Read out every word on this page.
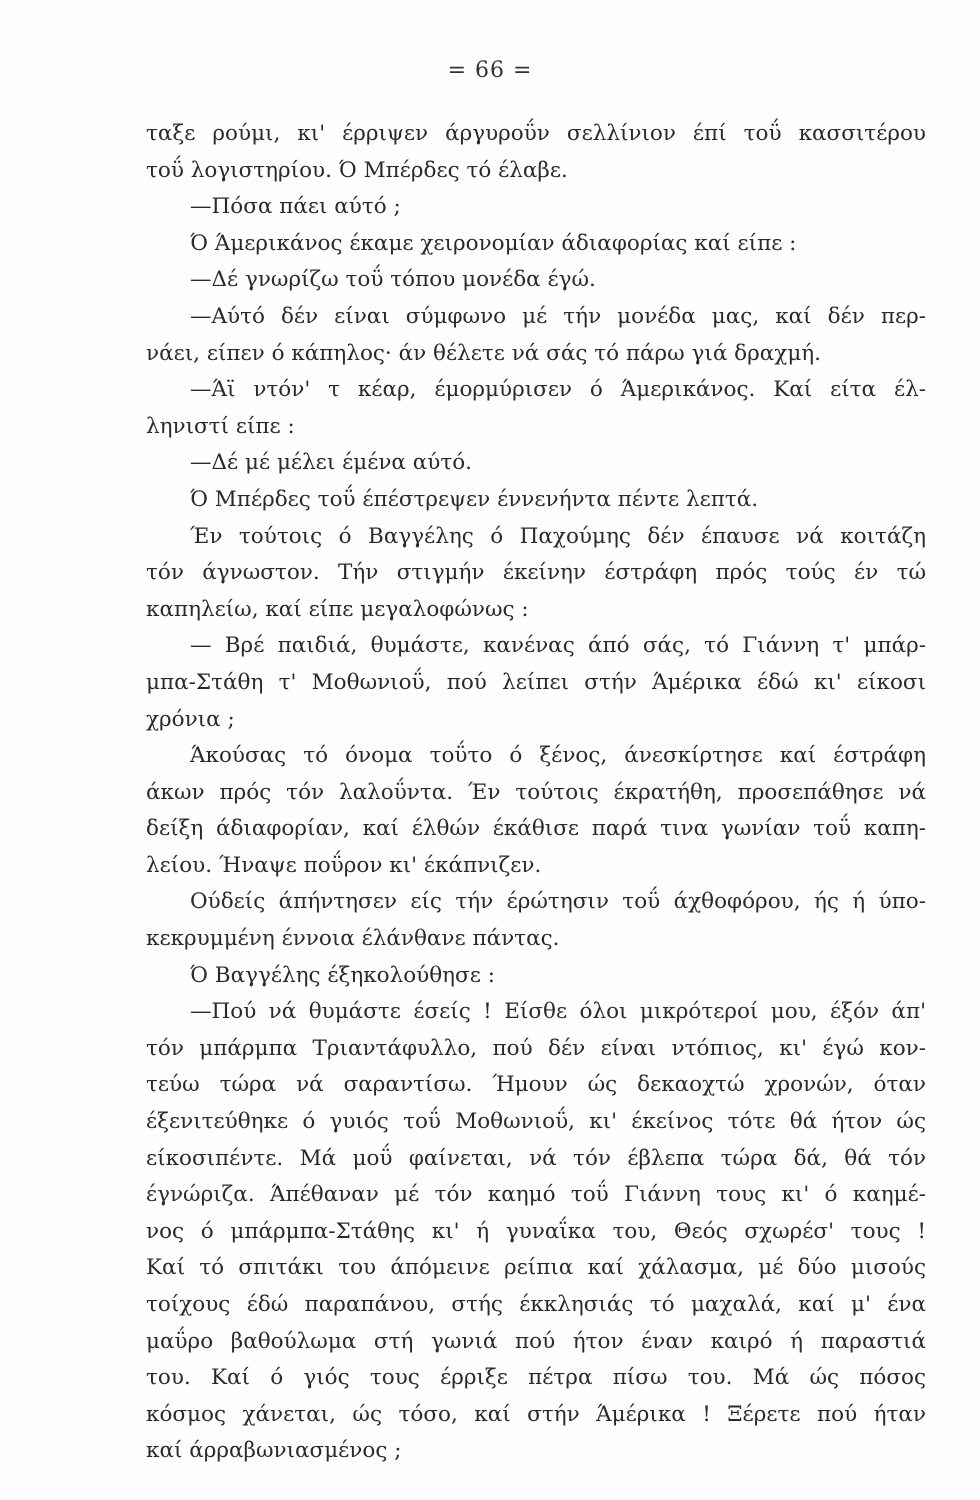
= 66 =
ταξε ρούμι, κι' έρριψεν άργυροΰν σελλίνιον έπί τοΰ κασσιτέρου
τοΰ λογιστηρίου. Ό Μπέρδες τό έλαβε.
—Πόσα πάει αύτό ;
Ό Άμερικάνος έκαμε χειρονομίαν άδιαφορίας καί είπε :
—Δέ γνωρίζω τοΰ τόπου μονέδα έγώ.
—Αύτό δέν είναι σύμφωνο μέ τήν μονέδα μας, καί δέν περ-
νάει, είπεν ό κάπηλος· άν θέλετε νά σάς τό πάρω γιά δραχμή.
—Άϊ ντόν' τ κέαρ, έμορμύρισεν ό Άμερικάνος. Καί είτα έλ-
ληνιστί είπε :
—Δέ μέ μέλει έμένα αύτό.
Ό Μπέρδες τοΰ έπέστρεψεν έννενήντα πέντε λεπτά.
Έν τούτοις ό Βαγγέλης ό Παχούμης δέν έπαυσε νά κοιτάζη
τόν άγνωστον. Τήν στιγμήν έκείνην έστράφη πρός τούς έν τώ
καπηλείω, καί είπε μεγαλοφώνως :
— Βρέ παιδιά, θυμάστε, κανένας άπό σάς, τό Γιάννη τ' μπάρ-
μπα-Στάθη τ' Μοθωνιοΰ, πού λείπει στήν Άμέρικα έδώ κι' είκοσι
χρόνια ;
Άκούσας τό όνομα τοΰτο ό ξένος, άνεσκίρτησε καί έστράφη
άκων πρός τόν λαλοΰντα. Έν τούτοις έκρατήθη, προσεπάθησε νά
δείξη άδιαφορίαν, καί έλθών έκάθισε παρά τινα γωνίαν τοΰ καπη-
λείου. Ήναψε ποΰρον κι' έκάπνιζεν.
Ούδείς άπήντησεν είς τήν έρώτησιν τοΰ άχθοφόρου, ής ή ύπο-
κεκρυμμένη έννοια έλάνθανε πάντας.
Ό Βαγγέλης έξηκολούθησε :
—Πού νά θυμάστε έσείς ! Είσθε όλοι μικρότεροί μου, έξόν άπ'
τόν μπάρμπα Τριαντάφυλλο, πού δέν είναι ντόπιος, κι' έγώ κον-
τεύω τώρα νά σαραντίσω. Ήμουν ώς δεκαοχτώ χρονών, όταν
έξενιτεύθηκε ό γυιός τοΰ Μοθωνιοΰ, κι' έκείνος τότε θά ήτον ώς
είκοσιπέντε. Μά μοΰ φαίνεται, νά τόν έβλεπα τώρα δά, θά τόν
έγνώριζα. Άπέθαναν μέ τόν καημό τοΰ Γιάννη τους κι' ό καημέ-
νος ό μπάρμπα-Στάθης κι' ή γυναΐκα του, Θεός σχωρέσ' τους !
Καί τό σπιτάκι του άπόμεινε ρείπια καί χάλασμα, μέ δύο μισούς
τοίχους έδώ παραπάνου, στής έκκλησιάς τό μαχαλά, καί μ' ένα
μαΰρο βαθούλωμα στή γωνιά πού ήτον έναν καιρό ή παραστιά
του. Καί ό γιός τους έρριξε πέτρα πίσω του. Μά ώς πόσος
κόσμος χάνεται, ώς τόσο, καί στήν Άμέρικα ! Ξέρετε πού ήταν
καί άρραβωνιασμένος ;
